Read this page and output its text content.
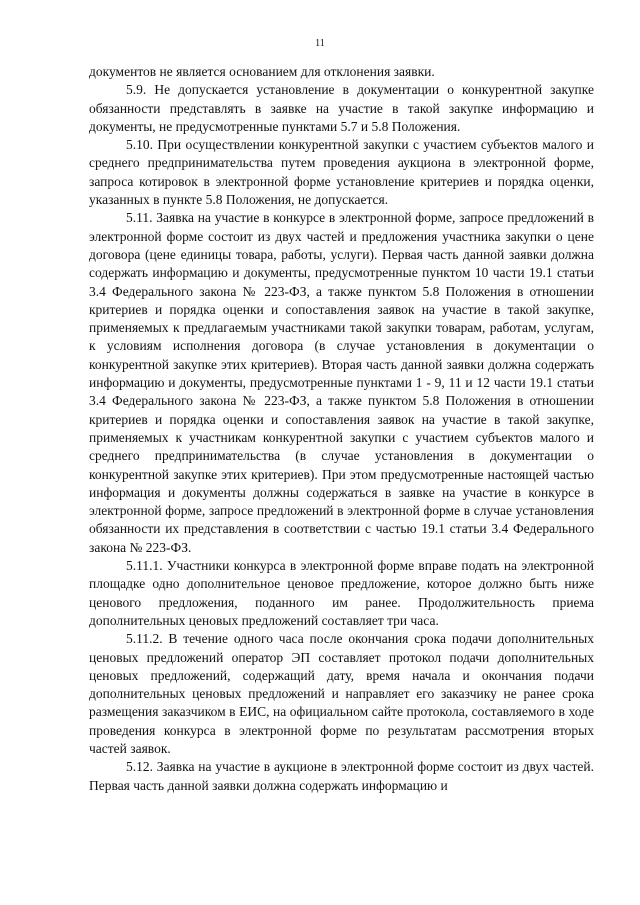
11

документов не является основанием для отклонения заявки.

5.9. Не допускается установление в документации о конкурентной закупке обязанности представлять в заявке на участие в такой закупке информацию и документы, не предусмотренные пунктами 5.7 и 5.8 Положения.

5.10. При осуществлении конкурентной закупки с участием субъектов малого и среднего предпринимательства путем проведения аукциона в электронной форме, запроса котировок в электронной форме установление критериев и порядка оценки, указанных в пункте 5.8 Положения, не допускается.

5.11. Заявка на участие в конкурсе в электронной форме, запросе предложений в электронной форме состоит из двух частей и предложения участника закупки о цене договора (цене единицы товара, работы, услуги). Первая часть данной заявки должна содержать информацию и документы, предусмотренные пунктом 10 части 19.1 статьи 3.4 Федерального закона № 223-ФЗ, а также пунктом 5.8 Положения в отношении критериев и порядка оценки и сопоставления заявок на участие в такой закупке, применяемых к предлагаемым участниками такой закупки товарам, работам, услугам, к условиям исполнения договора (в случае установления в документации о конкурентной закупке этих критериев). Вторая часть данной заявки должна содержать информацию и документы, предусмотренные пунктами 1 - 9, 11 и 12 части 19.1 статьи 3.4 Федерального закона № 223-ФЗ, а также пунктом 5.8 Положения в отношении критериев и порядка оценки и сопоставления заявок на участие в такой закупке, применяемых к участникам конкурентной закупки с участием субъектов малого и среднего предпринимательства (в случае установления в документации о конкурентной закупке этих критериев). При этом предусмотренные настоящей частью информация и документы должны содержаться в заявке на участие в конкурсе в электронной форме, запросе предложений в электронной форме в случае установления обязанности их представления в соответствии с частью 19.1 статьи 3.4 Федерального закона № 223-ФЗ.

5.11.1. Участники конкурса в электронной форме вправе подать на электронной площадке одно дополнительное ценовое предложение, которое должно быть ниже ценового предложения, поданного им ранее. Продолжительность приема дополнительных ценовых предложений составляет три часа.

5.11.2. В течение одного часа после окончания срока подачи дополнительных ценовых предложений оператор ЭП составляет протокол подачи дополнительных ценовых предложений, содержащий дату, время начала и окончания подачи дополнительных ценовых предложений и направляет его заказчику не ранее срока размещения заказчиком в ЕИС, на официальном сайте протокола, составляемого в ходе проведения конкурса в электронной форме по результатам рассмотрения вторых частей заявок.

5.12. Заявка на участие в аукционе в электронной форме состоит из двух частей. Первая часть данной заявки должна содержать информацию и
